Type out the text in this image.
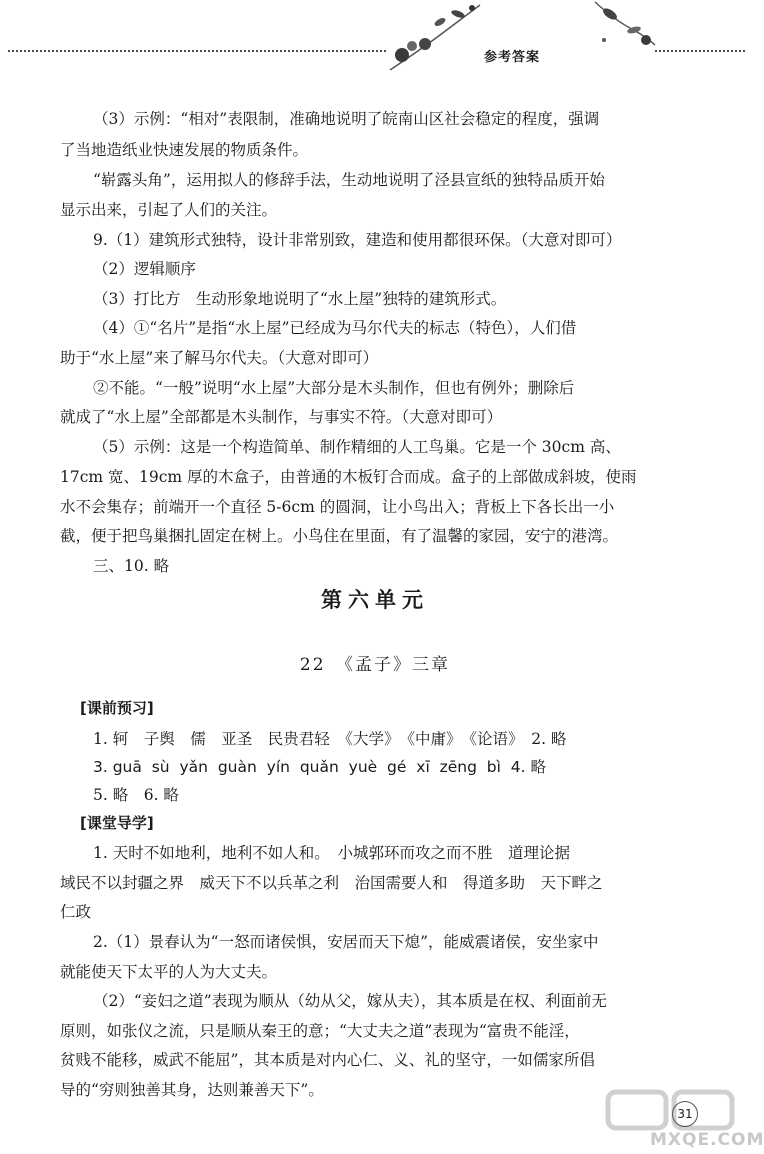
参考答案
（3）示例：“相对”表限制，准确地说明了皖南山区社会稳定的程度，强调
了当地造纸业快速发展的物质条件。
“崭露头角”，运用拟人的修辞手法，生动地说明了泾县宣纸的独特品质开始
显示出来，引起了人们的关注。
9.（1）建筑形式独特，设计非常别致，建造和使用都很环保。（大意对即可）
（2）逻辑顺序
（3）打比方　生动形象地说明了“水上屋”独特的建筑形式。
（4）①“名片”是指“水上屋”已经成为马尔代夫的标志（特色），人们借
助于“水上屋”来了解马尔代夫。（大意对即可）
②不能。“一般”说明“水上屋”大部分是木头制作，但也有例外；删除后
就成了“水上屋”全部都是木头制作，与事实不符。（大意对即可）
（5）示例：这是一个构造简单、制作精细的人工鸟巢。它是一个 30cm 高、
17cm 宽、19cm 厚的木盒子，由普通的木板钉合而成。盒子的上部做成斜坡，使雨
水不会集存；前端开一个直径 5-6cm 的圆洞，让小鸟出入；背板上下各长出一小
截，便于把鸟巢捆扎固定在树上。小鸟住在里面，有了温馨的家园，安宁的港湾。
三、10. 略
第六单元
22　《孟子》三章
[课前预习]
1. 轲　子舆　儒　亚圣　民贵君轻　《大学》　《中庸》　《论语》　2. 略
3. guā  sù  yǎn  guàn  yín  quǎn  yuè  gé  xī  zēng  bì  4. 略
5. 略　6. 略
[课堂导学]
1. 天时不如地利，地利不如人和。　小城郭环而攻之而不胜　道理论据
域民不以封疆之界　威天下不以兵革之利　治国需要人和　得道多助　天下畔之
仁政
2.（1）景春认为“一怒而诸侯惧，安居而天下熄”，能威震诸侯，安坐家中
就能使天下太平的人为大丈夫。
（2）“妾妇之道”表现为顺从（幼从父，嫁从夫），其本质是在权、利面前无
原则，如张仪之流，只是顺从秦王的意；“大丈夫之道”表现为“富贵不能淫，
贫贱不能移，威武不能屈”，其本质是对内心仁、义、礼的坚守，一如儒家所倡
导的“穷则独善其身，达则兼善天下”。
31
MXQE.COM
